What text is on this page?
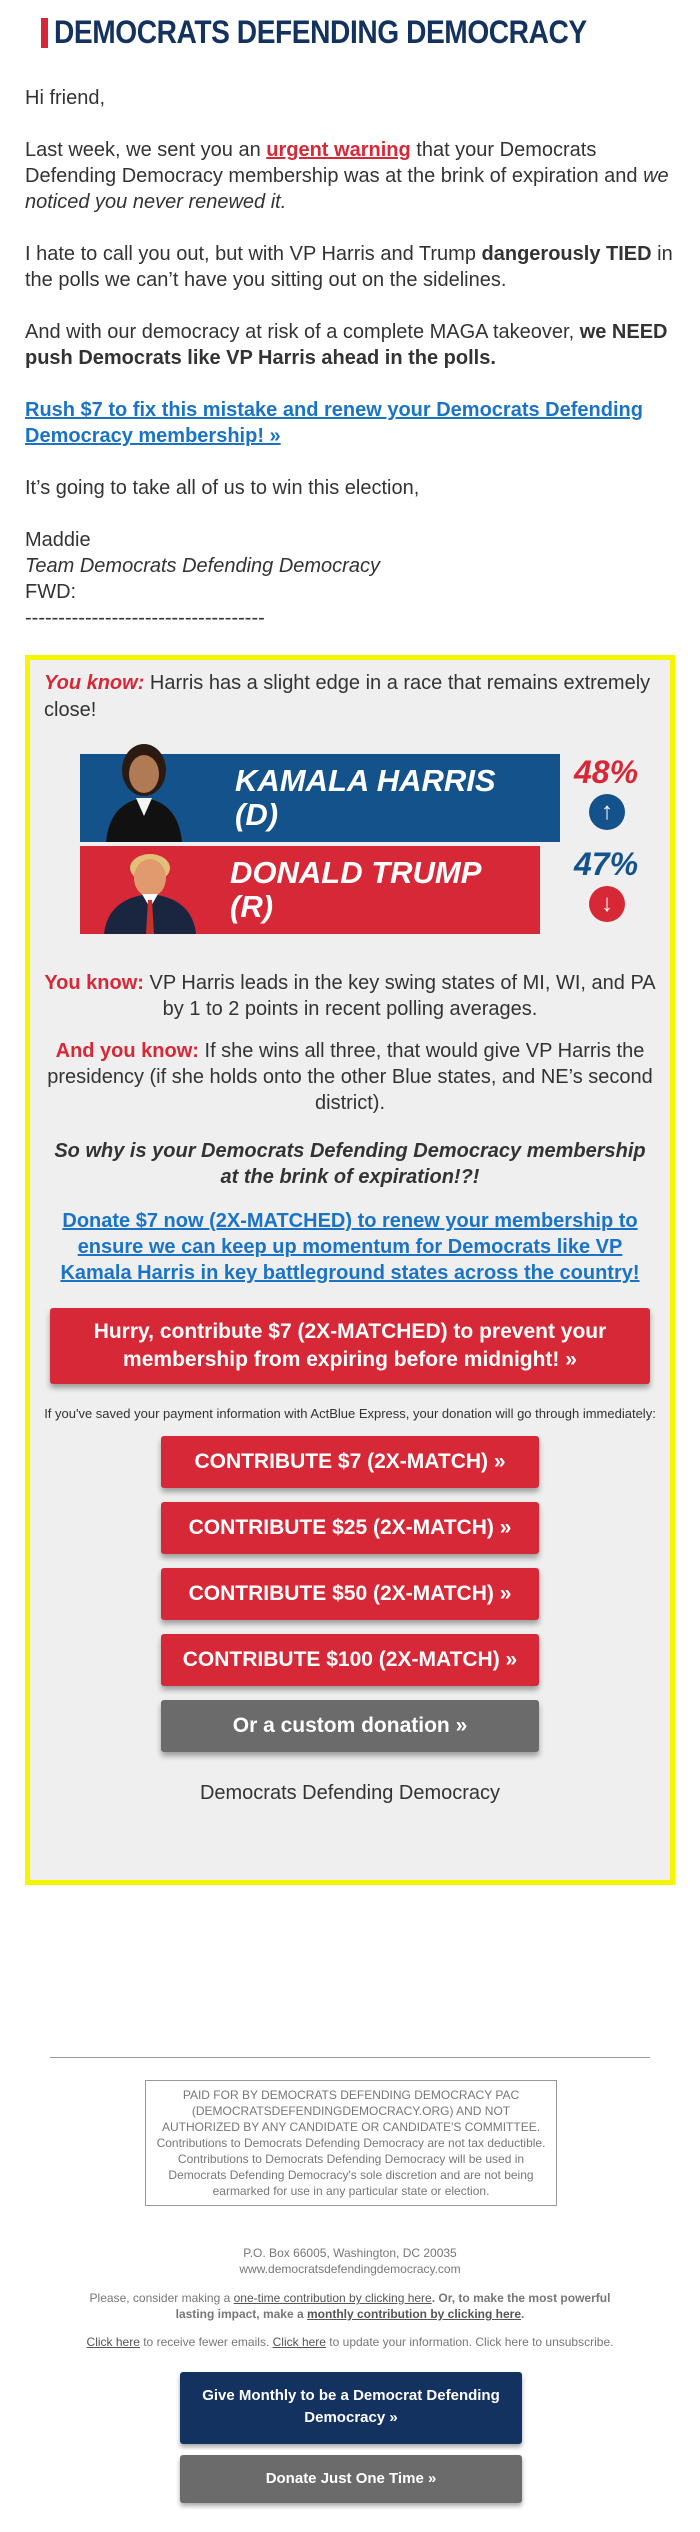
DEMOCRATS DEFENDING DEMOCRACY

Hi friend,

Last week, we sent you an urgent warning that your Democrats Defending Democracy membership was at the brink of expiration and we noticed you never renewed it.

I hate to call you out, but with VP Harris and Trump dangerously TIED in the polls we can’t have you sitting out on the sidelines.

And with our democracy at risk of a complete MAGA takeover, we NEED push Democrats like VP Harris ahead in the polls.

Rush $7 to fix this mistake and renew your Democrats Defending Democracy membership! »

It’s going to take all of us to win this election,

Maddie
Team Democrats Defending Democracy
FWD:
------------------------------------

You know: Harris has a slight edge in a race that remains extremely close!

KAMALA HARRIS
(D)
48%
↑
DONALD TRUMP
(R)
47%
↓

You know: VP Harris leads in the key swing states of MI, WI, and PA by 1 to 2 points in recent polling averages.

And you know: If she wins all three, that would give VP Harris the presidency (if she holds onto the other Blue states, and NE’s second district).

So why is your Democrats Defending Democracy membership at the brink of expiration!?!

Donate $7 now (2X-MATCHED) to renew your membership to ensure we can keep up momentum for Democrats like VP Kamala Harris in key battleground states across the country!

Hurry, contribute $7 (2X-MATCHED) to prevent your membership from expiring before midnight! »

If you've saved your payment information with ActBlue Express, your donation will go through immediately:

CONTRIBUTE $7 (2X-MATCH) »
CONTRIBUTE $25 (2X-MATCH) »
CONTRIBUTE $50 (2X-MATCH) »
CONTRIBUTE $100 (2X-MATCH) »
Or a custom donation »

Democrats Defending Democracy

PAID FOR BY DEMOCRATS DEFENDING DEMOCRACY PAC (DEMOCRATSDEFENDINGDEMOCRACY.ORG) AND NOT AUTHORIZED BY ANY CANDIDATE OR CANDIDATE'S COMMITTEE.

Contributions to Democrats Defending Democracy are not tax deductible.

Contributions to Democrats Defending Democracy will be used in Democrats Defending Democracy's sole discretion and are not being earmarked for use in any particular state or election.

P.O. Box 66005, Washington, DC 20035

www.democratsdefendingdemocracy.com

Please, consider making a one-time contribution by clicking here. Or, to make the most powerful lasting impact, make a monthly contribution by clicking here.
Click here to receive fewer emails. Click here to update your information. Click here to unsubscribe.
Give Monthly to be a Democrat Defending Democracy »
Donate Just One Time »
